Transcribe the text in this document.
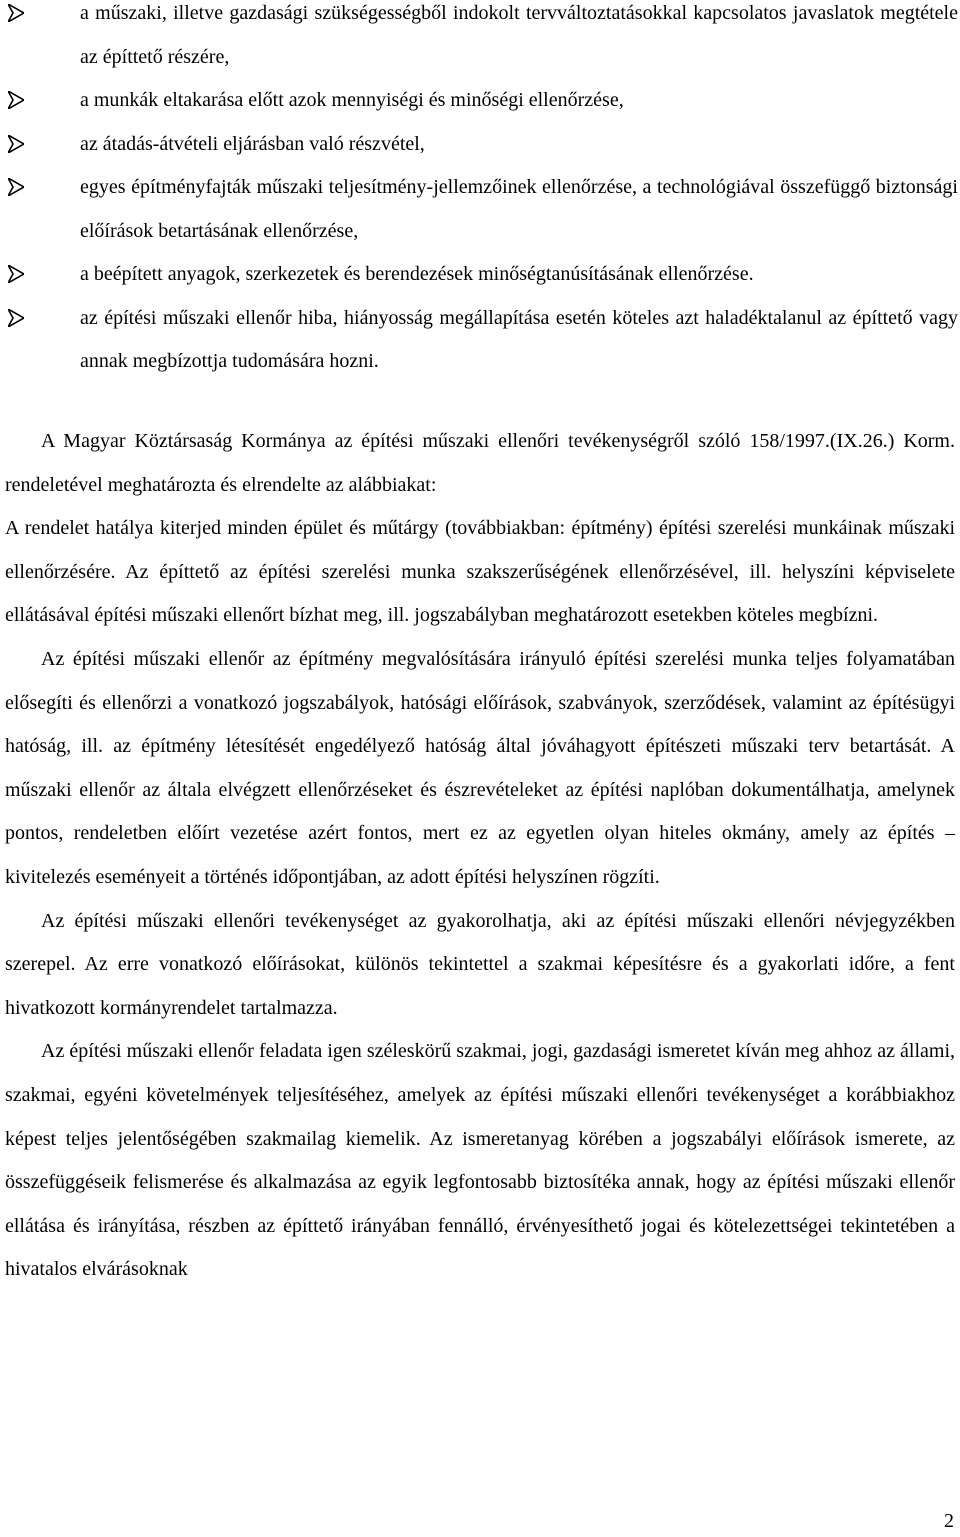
a műszaki, illetve gazdasági szükségességből indokolt tervváltoztatásokkal kapcsolatos javaslatok megtétele az építtető részére,
a munkák eltakarása előtt azok mennyiségi és minőségi ellenőrzése,
az átadás-átvételi eljárásban való részvétel,
egyes építményfajták műszaki teljesítmény-jellemzőinek ellenőrzése, a technológiával összefüggő biztonsági előírások betartásának ellenőrzése,
a beépített anyagok, szerkezetek és berendezések minőségtanúsításának ellenőrzése.
az építési műszaki ellenőr hiba, hiányosság megállapítása esetén köteles azt haladéktalanul az építtető vagy annak megbízottja tudomására hozni.

A Magyar Köztársaság Kormánya az építési műszaki ellenőri tevékenységről szóló 158/1997.(IX.26.) Korm. rendeletével meghatározta és elrendelte az alábbiakat:

A rendelet hatálya kiterjed minden épület és műtárgy (továbbiakban: építmény) építési szerelési munkáinak műszaki ellenőrzésére. Az építtető az építési szerelési munka szakszerűségének ellenőrzésével, ill. helyszíni képviselete ellátásával építési műszaki ellenőrt bízhat meg, ill. jogszabályban meghatározott esetekben köteles megbízni.

Az építési műszaki ellenőr az építmény megvalósítására irányuló építési szerelési munka teljes folyamatában elősegíti és ellenőrzi a vonatkozó jogszabályok, hatósági előírások, szabványok, szerződések, valamint az építésügyi hatóság, ill. az építmény létesítését engedélyező hatóság által jóváhagyott építészeti műszaki terv betartását. A műszaki ellenőr az általa elvégzett ellenőrzéseket és észrevételeket az építési naplóban dokumentálhatja, amelynek pontos, rendeletben előírt vezetése azért fontos, mert ez az egyetlen olyan hiteles okmány, amely az építés – kivitelezés eseményeit a történés időpontjában, az adott építési helyszínen rögzíti.

Az építési műszaki ellenőri tevékenységet az gyakorolhatja, aki az építési műszaki ellenőri névjegyzékben szerepel. Az erre vonatkozó előírásokat, különös tekintettel a szakmai képesítésre és a gyakorlati időre, a fent hivatkozott kormányrendelet tartalmazza.

Az építési műszaki ellenőr feladata igen széleskörű szakmai, jogi, gazdasági ismeretet kíván meg ahhoz az állami, szakmai, egyéni követelmények teljesítéséhez, amelyek az építési műszaki ellenőri tevékenységet a korábbiakhoz képest teljes jelentőségében szakmailag kiemelik. Az ismeretanyag körében a jogszabályi előírások ismerete, az összefüggéseik felismerése és alkalmazása az egyik legfontosabb biztosítéka annak, hogy az építési műszaki ellenőr ellátása és irányítása, részben az építtető irányában fennálló, érvényesíthető jogai és kötelezettségei tekintetében a hivatalos elvárásoknak

2
